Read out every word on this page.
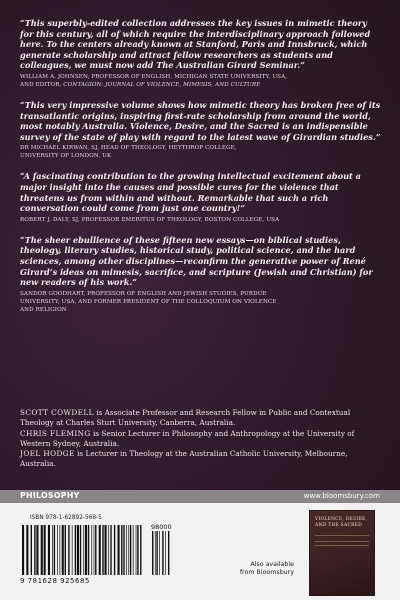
“This superbly-edited collection addresses the key issues in mimetic theory for this century, all of which require the interdisciplinary approach followed here. To the centers already known at Stanford, Paris and Innsbruck, which generate scholarship and attract fellow researchers as students and colleagues, we must now add The Australian Girard Seminar.”

WILLIAM A. JOHNSEN, PROFESSOR OF ENGLISH, MICHIGAN STATE UNIVERSITY, USA,
AND EDITOR, CONTAGION: JOURNAL OF VIOLENCE, MIMESIS, AND CULTURE

“This very impressive volume shows how mimetic theory has broken free of its transatlantic origins, inspiring first-rate scholarship from around the world, most notably Australia. Violence, Desire, and the Sacred is an indispensible survey of the state of play with regard to the latest wave of Girardian studies.”

DR MICHAEL KIRWAN, SJ, HEAD OF THEOLOGY, HEYTHROP COLLEGE,
UNIVERSITY OF LONDON, UK

“A fascinating contribution to the growing intellectual excitement about a major insight into the causes and possible cures for the violence that threatens us from within and without. Remarkable that such a rich conversation could come from just one country!”

ROBERT J. DALY, SJ, PROFESSOR EMERITUS OF THEOLOGY, BOSTON COLLEGE, USA

“The sheer ebullience of these fifteen new essays—on biblical studies, theology, literary studies, historical study, political science, and the hard sciences, among other disciplines—reconfirm the generative power of René Girard’s ideas on mimesis, sacrifice, and scripture (Jewish and Christian) for new readers of his work.”

SANDOR GOODHART, PROFESSOR OF ENGLISH AND JEWISH STUDIES, PURDUE
UNIVERSITY, USA, AND FORMER PRESIDENT OF THE COLLOQUIUM ON VIOLENCE
AND RELIGION

SCOTT COWDELL is Associate Professor and Research Fellow in Public and Contextual Theology at Charles Sturt University, Canberra, Australia.

CHRIS FLEMING is Senior Lecturer in Philosophy and Anthropology at the University of Western Sydney, Australia.

JOEL HODGE is Lecturer in Theology at the Australian Catholic University, Melbourne, Australia.

PHILOSOPHY	www.bloomsbury.com
ISBN 978-1-62892-568-5
98000
9 781628 925685
Also available
from Bloomsbury
VIOLENCE, DESIRE, AND THE SACRED
